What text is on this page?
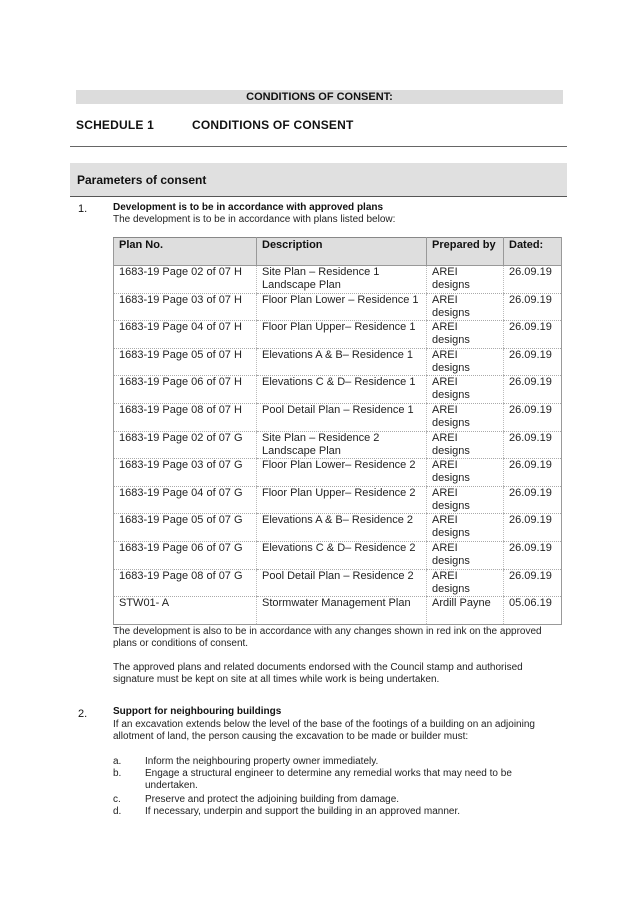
CONDITIONS OF CONSENT:
SCHEDULE 1	CONDITIONS OF CONSENT
Parameters of consent
1.	Development is to be in accordance with approved plans
The development is to be in accordance with plans listed below:
Plan No.	Description	Prepared by	Dated:
1683-19 Page 02 of 07 H	Site Plan – Residence 1 Landscape Plan	AREI designs	26.09.19
1683-19 Page 03 of 07 H	Floor Plan Lower – Residence 1	AREI designs	26.09.19
1683-19 Page 04 of 07 H	Floor Plan Upper– Residence 1	AREI designs	26.09.19
1683-19 Page 05 of 07 H	Elevations A & B– Residence 1	AREI designs	26.09.19
1683-19 Page 06 of 07 H	Elevations C & D– Residence 1	AREI designs	26.09.19
1683-19 Page 08 of 07 H	Pool Detail Plan – Residence 1	AREI designs	26.09.19
1683-19 Page 02 of 07 G	Site Plan – Residence 2 Landscape Plan	AREI designs	26.09.19
1683-19 Page 03 of 07 G	Floor Plan Lower– Residence 2	AREI designs	26.09.19
1683-19 Page 04 of 07 G	Floor Plan Upper– Residence 2	AREI designs	26.09.19
1683-19 Page 05 of 07 G	Elevations A & B– Residence 2	AREI designs	26.09.19
1683-19 Page 06 of 07 G	Elevations C & D– Residence 2	AREI designs	26.09.19
1683-19 Page 08 of 07 G	Pool Detail Plan – Residence 2	AREI designs	26.09.19
STW01- A	Stormwater Management Plan	Ardill Payne	05.06.19
The development is also to be in accordance with any changes shown in red ink on the approved plans or conditions of consent.
The approved plans and related documents endorsed with the Council stamp and authorised signature must be kept on site at all times while work is being undertaken.
2.	Support for neighbouring buildings
If an excavation extends below the level of the base of the footings of a building on an adjoining allotment of land, the person causing the excavation to be made or builder must:
a. Inform the neighbouring property owner immediately.
b. Engage a structural engineer to determine any remedial works that may need to be undertaken.
c. Preserve and protect the adjoining building from damage.
d. If necessary, underpin and support the building in an approved manner.
